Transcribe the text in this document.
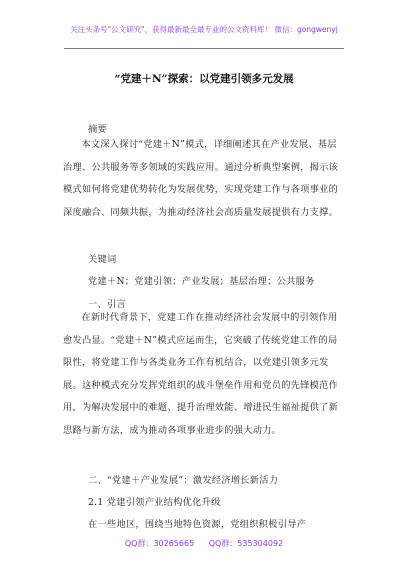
关注头条号"公文研究"，获得最新最全最专业的公文资料库！ 微信：gongwenyj
“党建＋N”探索：以党建引领多元发展
摘要
本文深入探讨“党建＋N”模式，详细阐述其在产业发展、基层治理、公共服务等多领域的实践应用。通过分析典型案例，揭示该模式如何将党建优势转化为发展优势，实现党建工作与各项事业的深度融合、同频共振，为推动经济社会高质量发展提供有力支撑。
关键词
党建＋N；党建引领；产业发展；基层治理；公共服务
一、引言
在新时代背景下，党建工作在推动经济社会发展中的引领作用愈发凸显。“党建＋N”模式应运而生，它突破了传统党建工作的局限性，将党建工作与各类业务工作有机结合，以党建引领多元发展。这种模式充分发挥党组织的战斗堡垒作用和党员的先锋模范作用，为解决发展中的难题、提升治理效能、增进民生福祉提供了新思路与新方法，成为推动各项事业进步的强大动力。
二、“党建＋产业发展”：激发经济增长新活力
2.1 党建引领产业结构优化升级
在一些地区，围绕当地特色资源，党组织积极引导产
QQ群：30265665 QQ群：535304092
